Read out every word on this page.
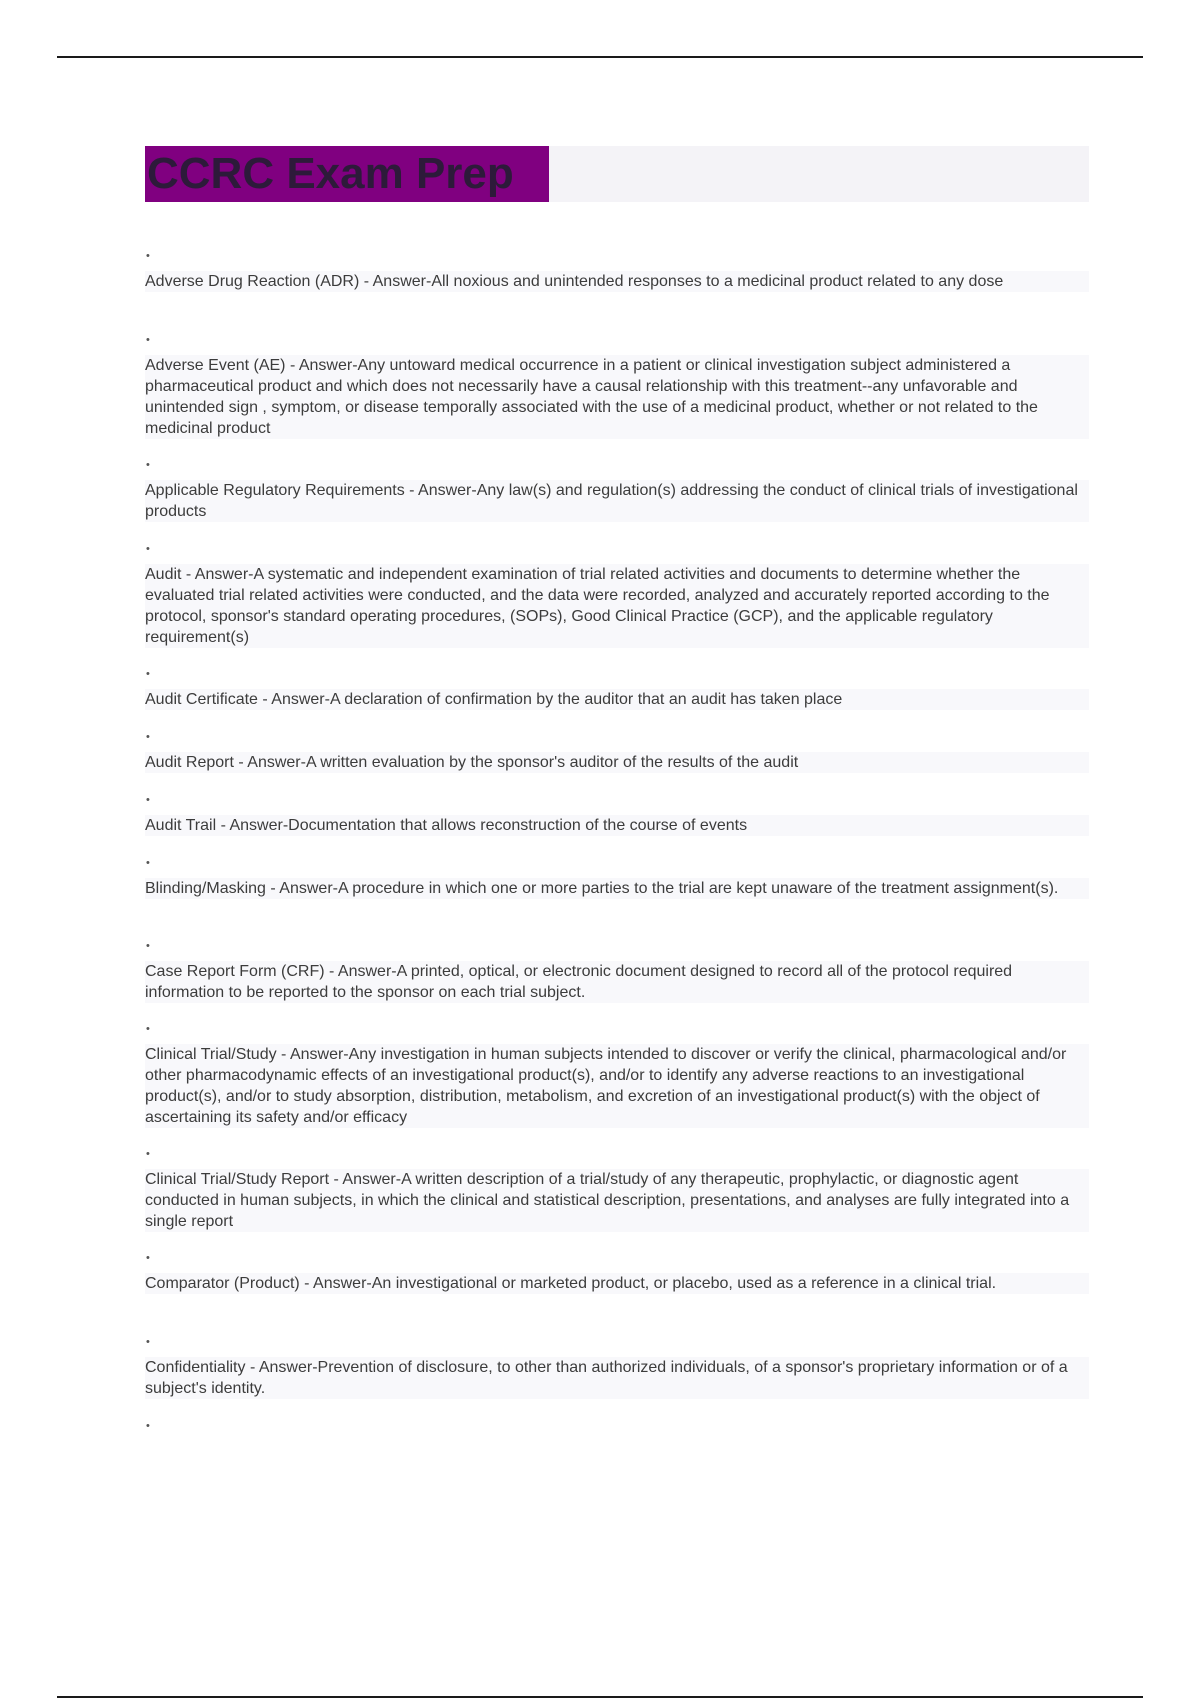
CCRC Exam Prep
•
Adverse Drug Reaction (ADR) - Answer-All noxious and unintended responses to a medicinal product related to any dose
•
Adverse Event (AE) - Answer-Any untoward medical occurrence in a patient or clinical investigation subject administered a pharmaceutical product and which does not necessarily have a causal relationship with this treatment--any unfavorable and unintended sign , symptom, or disease temporally associated with the use of a medicinal product, whether or not related to the medicinal product
•
Applicable Regulatory Requirements - Answer-Any law(s) and regulation(s) addressing the conduct of clinical trials of investigational products
•
Audit - Answer-A systematic and independent examination of trial related activities and documents to determine whether the evaluated trial related activities were conducted, and the data were recorded, analyzed and accurately reported according to the protocol, sponsor's standard operating procedures, (SOPs), Good Clinical Practice (GCP), and the applicable regulatory requirement(s)
•
Audit Certificate - Answer-A declaration of confirmation by the auditor that an audit has taken place
•
Audit Report - Answer-A written evaluation by the sponsor's auditor of the results of the audit
•
Audit Trail - Answer-Documentation that allows reconstruction of the course of events
•
Blinding/Masking - Answer-A procedure in which one or more parties to the trial are kept unaware of the treatment assignment(s).
•
Case Report Form (CRF) - Answer-A printed, optical, or electronic document designed to record all of the protocol required information to be reported to the sponsor on each trial subject.
•
Clinical Trial/Study - Answer-Any investigation in human subjects intended to discover or verify the clinical, pharmacological and/or other pharmacodynamic effects of an investigational product(s), and/or to identify any adverse reactions to an investigational product(s), and/or to study absorption, distribution, metabolism, and excretion of an investigational product(s) with the object of ascertaining its safety and/or efficacy
•
Clinical Trial/Study Report - Answer-A written description of a trial/study of any therapeutic, prophylactic, or diagnostic agent conducted in human subjects, in which the clinical and statistical description, presentations, and analyses are fully integrated into a single report
•
Comparator (Product) - Answer-An investigational or marketed product, or placebo, used as a reference in a clinical trial.
•
Confidentiality - Answer-Prevention of disclosure, to other than authorized individuals, of a sponsor's proprietary information or of a subject's identity.
•
